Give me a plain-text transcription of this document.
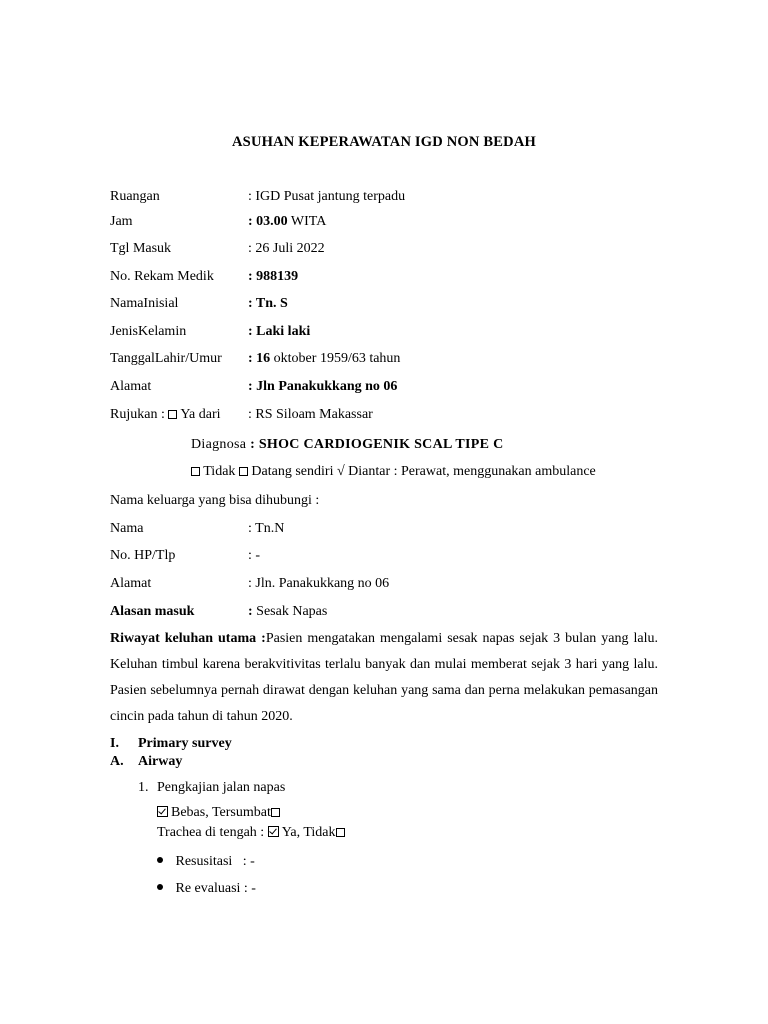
ASUHAN KEPERAWATAN IGD NON BEDAH
Ruangan	: IGD Pusat jantung terpadu
Jam	: 03.00 WITA
Tgl Masuk	: 26 Juli 2022
No. Rekam Medik : 988139
NamaInisial	: Tn. S
JenisKelamin	: Laki laki
TanggalLahir/Umur : 16 oktober 1959/63 tahun
Alamat	: Jln Panakukkang no 06
Rujukan :  Ya dari : RS Siloam Makassar
Diagnosa : SHOC CARDIOGENIK SCAL TIPE C
Tidak  Datang sendiri √ Diantar : Perawat, menggunakan ambulance
Nama keluarga yang bisa dihubungi :
Nama	: Tn.N
No. HP/Tlp	: -
Alamat	: Jln. Panakukkang no 06
Alasan masuk	: Sesak Napas
Riwayat keluhan utama :Pasien mengatakan mengalami sesak napas sejak 3 bulan yang lalu. Keluhan timbul karena berakvitivitas terlalu banyak dan mulai memberat sejak 3 hari yang lalu. Pasien sebelumnya pernah dirawat dengan keluhan yang sama dan perna melakukan pemasangan cincin pada tahun di tahun 2020.
I. Primary survey
A. Airway
1. Pengkajian jalan napas
Bebas, Tersumbat
Trachea di tengah : Ya, Tidak
Resusitasi   : -
Re evaluasi : -
